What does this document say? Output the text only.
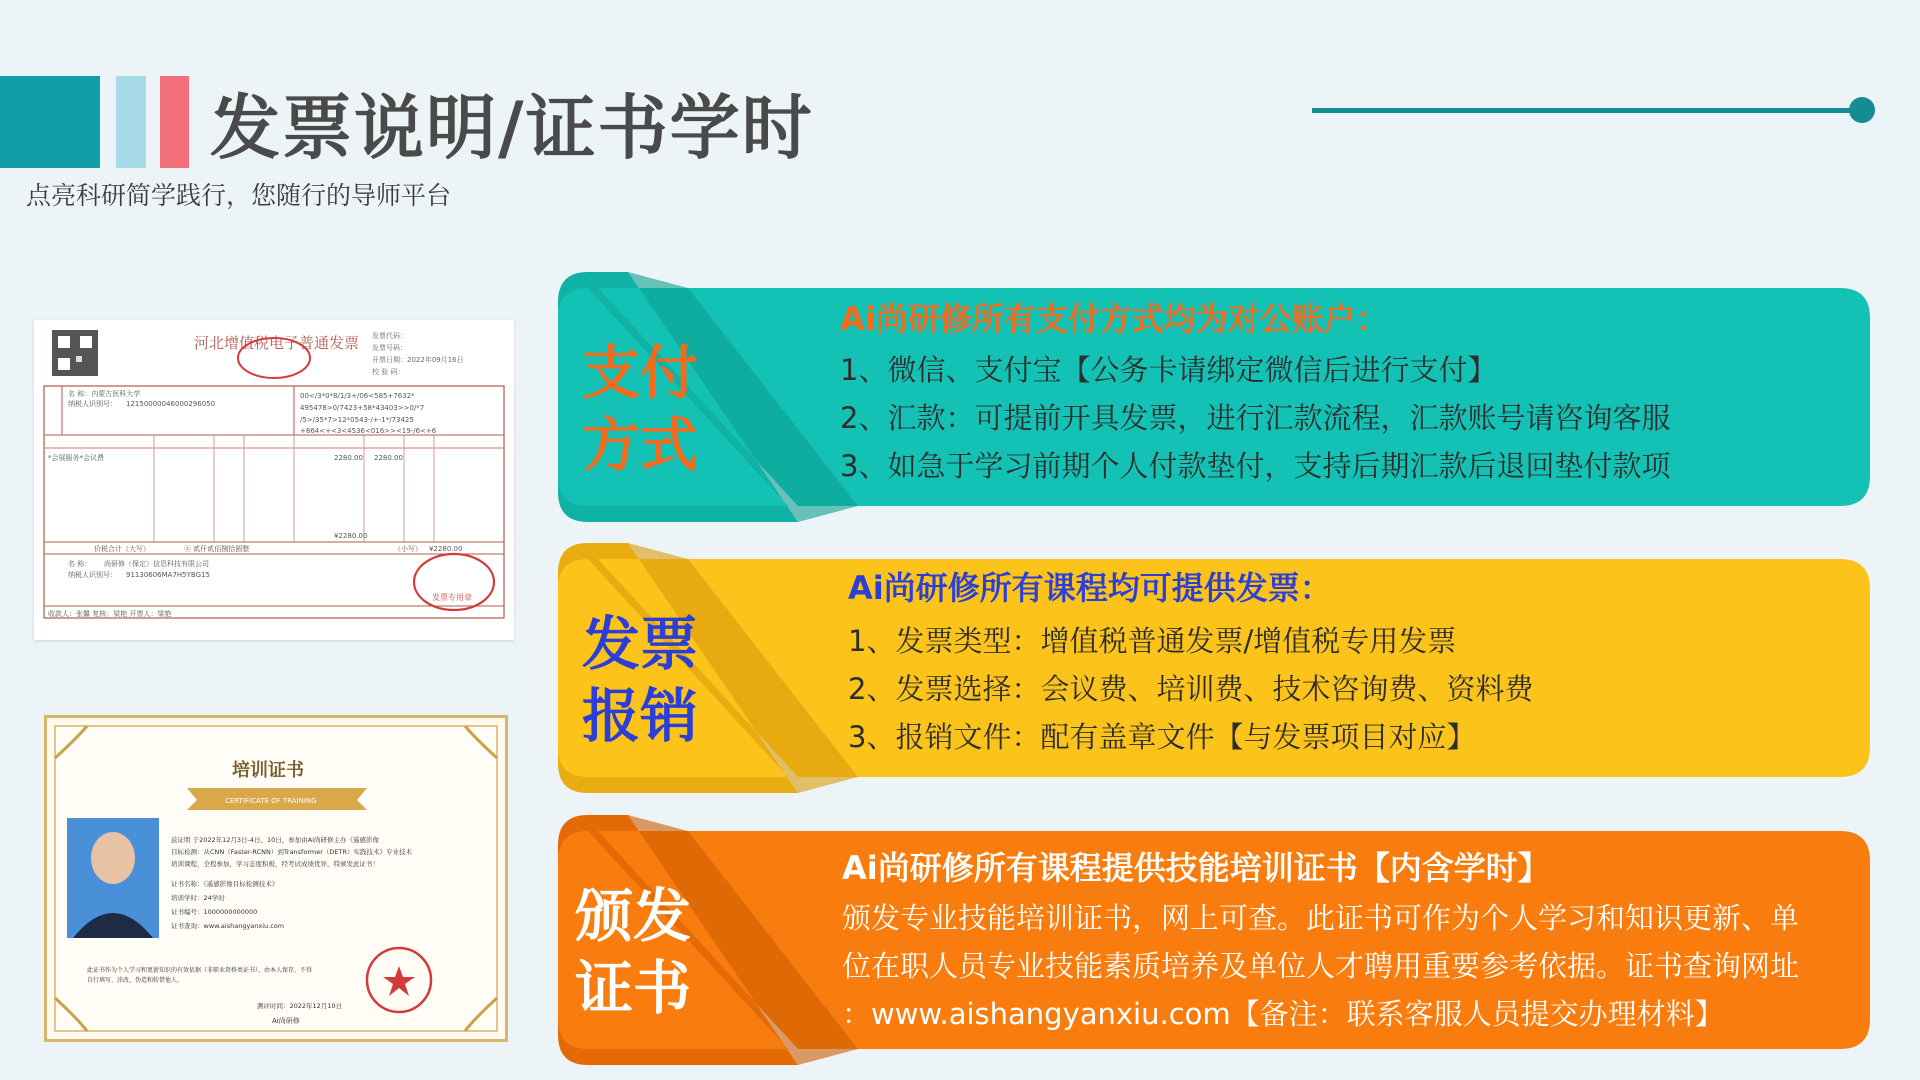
发票说明/证书学时
点亮科研简学践行，您随行的导师平台
河北增值税电子普通发票 发票代码：
发票号码：
开票日期：2022年09月16日
校 验 码：
名 称：内蒙古医科大学
纳税人识别号： 12150000046000296050
00</3*0*8/1/3+/06<585+7632*
495478>0/7423+58*43403>>0/*7
/5>/35*7>12*0543-/+-1*/73425
+864<+<3<4536<016>><19-/6<+6
*会展服务*会议费	2280.00 2280.00
¥2280.00
价税合计（大写）	ⓧ 贰仟贰佰捌拾圆整	（小写） ¥2280.00
名 称： 尚研修（保定）信息科技有限公司
纳税人识别号： 91130606MA7H5YBG15
收款人：张馨 复核：梁艳 开票人：梁艳
发票专用章
培训证书
CERTIFICATE OF TRAINING
兹证明 于2022年12月3日-4日、10日，参加由Ai尚研修主办《遥感影像
目标检测：从CNN（Faster-RCNN）到Transformer（DETR）实践技术》专业技术
培训课程，全程参加，学习态度积极，经考试成绩优异，特颁发此证书！
证书名称：《遥感影像目标检测技术》
培训学时：24学时
证书编号：1000000000000
证书查询：www.aishangyanxiu.com
此证书作为个人学习和更新知识的有效依据（非职业资格类证书），由本人保存，不得
自行填写、涂改、伪造和转借他人。
测评时间：2022年12月10日
Ai尚研修
支付
方式
Ai尚研修所有支付方式均为对公账户：
1、微信、支付宝【公务卡请绑定微信后进行支付】
2、汇款：可提前开具发票，进行汇款流程，汇款账号请咨询客服
3、如急于学习前期个人付款垫付，支持后期汇款后退回垫付款项
发票
报销
Ai尚研修所有课程均可提供发票：
1、发票类型：增值税普通发票/增值税专用发票
2、发票选择：会议费、培训费、技术咨询费、资料费
3、报销文件：配有盖章文件【与发票项目对应】
颁发
证书
Ai尚研修所有课程提供技能培训证书【内含学时】
颁发专业技能培训证书，网上可查。此证书可作为个人学习和知识更新、单
位在职人员专业技能素质培养及单位人才聘用重要参考依据。证书查询网址
：www.aishangyanxiu.com【备注：联系客服人员提交办理材料】
